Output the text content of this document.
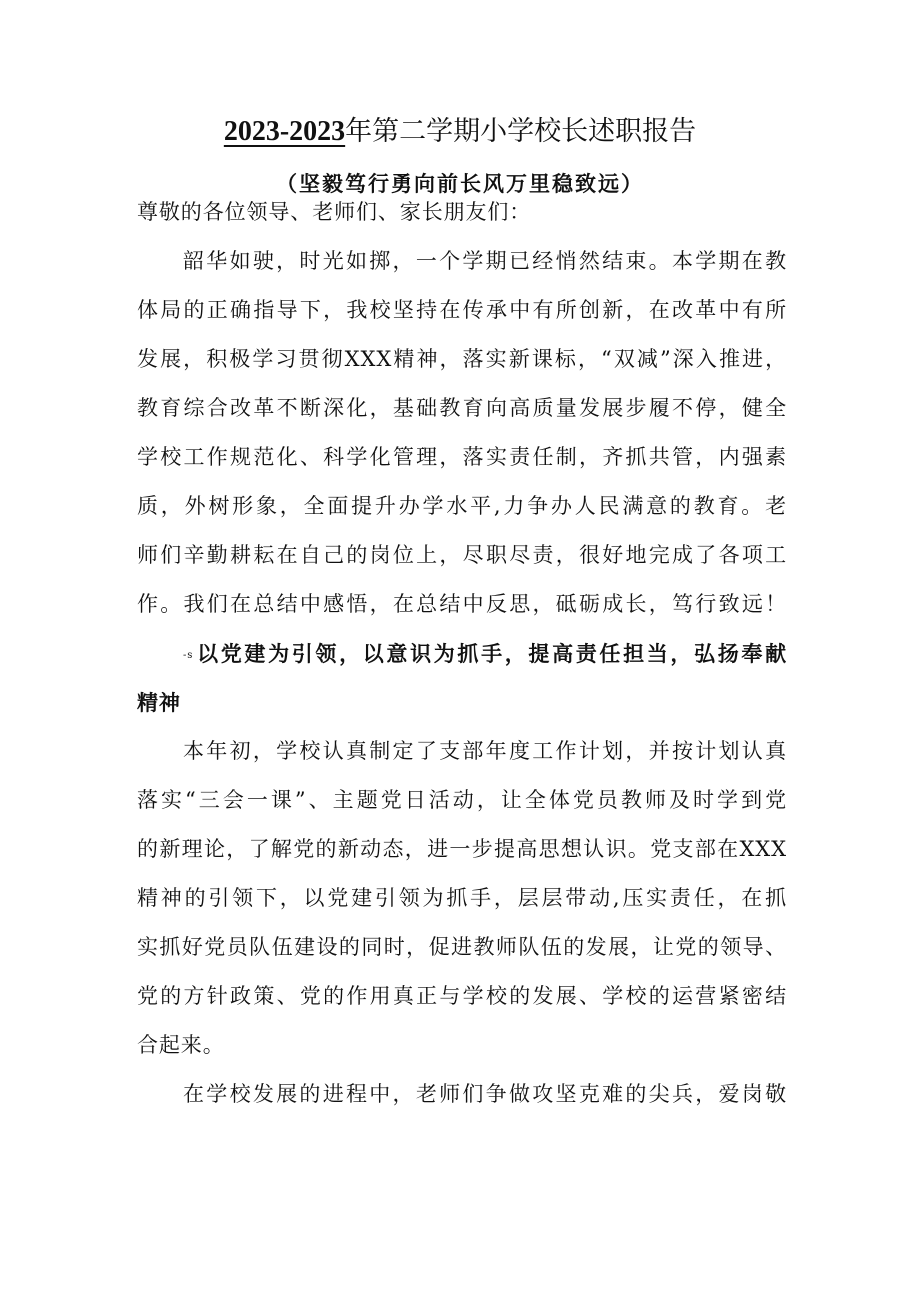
2023-2023年第二学期小学校长述职报告
（坚毅笃行勇向前长风万里稳致远）
尊敬的各位领导、老师们、家长朋友们：
韶华如驶，时光如掷，一个学期已经悄然结束。本学期在教
体局的正确指导下，我校坚持在传承中有所创新，在改革中有所
发展，积极学习贯彻XXX精神，落实新课标，“双减”深入推进，
教育综合改革不断深化，基础教育向高质量发展步履不停，健全
学校工作规范化、科学化管理，落实责任制，齐抓共管，内强素
质，外树形象，全面提升办学水平,力争办人民满意的教育。老
师们辛勤耕耘在自己的岗位上，尽职尽责，很好地完成了各项工
作。我们在总结中感悟，在总结中反思，砥砺成长，笃行致远！
-s以党建为引领，以意识为抓手，提高责任担当，弘扬奉献
精神
本年初，学校认真制定了支部年度工作计划，并按计划认真
落实“三会一课”、主题党日活动，让全体党员教师及时学到党
的新理论，了解党的新动态，进一步提高思想认识。党支部在XXX
精神的引领下，以党建引领为抓手，层层带动,压实责任，在抓
实抓好党员队伍建设的同时，促进教师队伍的发展，让党的领导、
党的方针政策、党的作用真正与学校的发展、学校的运营紧密结
合起来。
在学校发展的进程中，老师们争做攻坚克难的尖兵，爱岗敬
